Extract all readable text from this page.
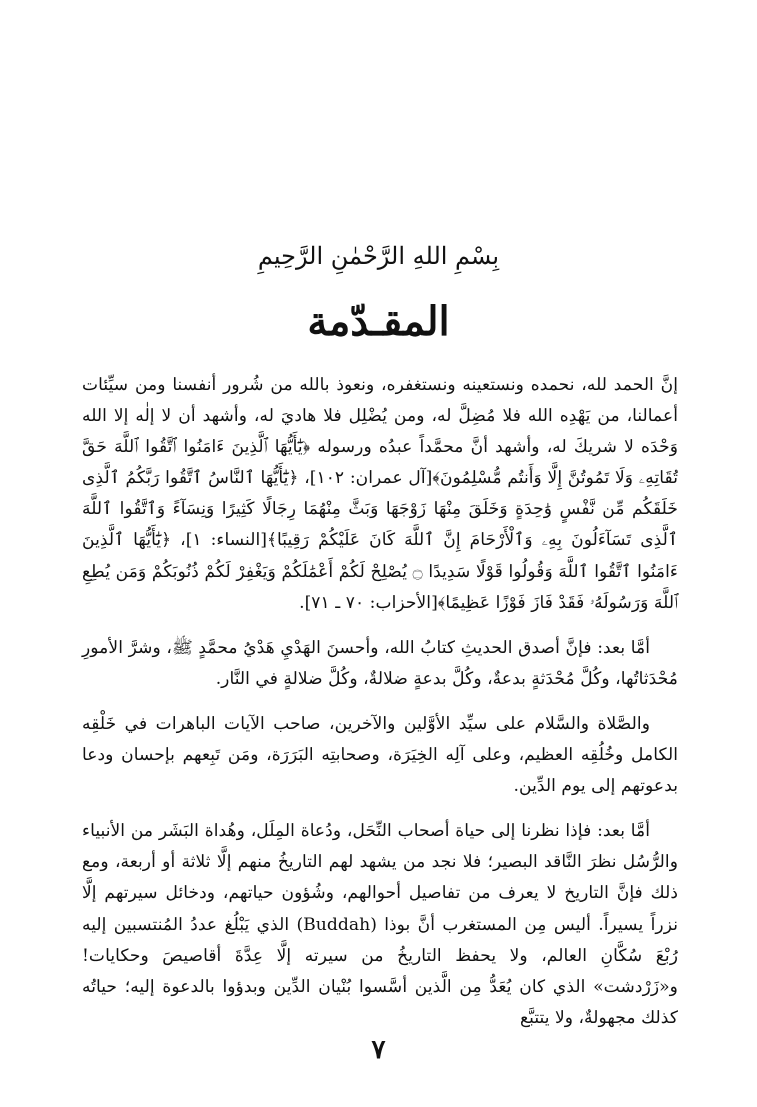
بِسْمِ اللهِ الرَّحْمٰنِ الرَّحِيمِ
المقـدّمة

إنَّ الحمد لله، نحمده ونستعينه ونستغفره، ونعوذ بالله من شُرور أنفسنا ومن سيِّئات أعمالنا، من يَهْدِه الله فلا مُضِلَّ له، ومن يُضْلِل فلا هاديَ له، وأشهد أن لا إلٰه إلا الله وَحْدَه لا شريكَ له، وأشهد أنَّ محمَّداً عبدُه ورسوله ﴿يَٰٓأَيُّهَا ٱلَّذِينَ ءَامَنُوا ٱتَّقُوا ٱللَّهَ حَقَّ تُقَاتِهِۦ وَلَا تَمُوتُنَّ إِلَّا وَأَنتُم مُّسْلِمُونَ﴾[آل عمران: ١٠٢]، ﴿يَٰٓأَيُّهَا ٱلنَّاسُ ٱتَّقُوا رَبَّكُمُ ٱلَّذِى خَلَقَكُم مِّن نَّفْسٍ وَٰحِدَةٍ وَخَلَقَ مِنْهَا زَوْجَهَا وَبَثَّ مِنْهُمَا رِجَالًا كَثِيرًا وَنِسَآءً وَٱتَّقُوا ٱللَّهَ ٱلَّذِى تَسَآءَلُونَ بِهِۦ وَٱلْأَرْحَامَ إِنَّ ٱللَّهَ كَانَ عَلَيْكُمْ رَقِيبًا﴾[النساء: ١]، ﴿يَٰٓأَيُّهَا ٱلَّذِينَ ءَامَنُوا ٱتَّقُوا ٱللَّهَ وَقُولُوا قَوْلًا سَدِيدًا ۝ يُصْلِحْ لَكُمْ أَعْمَٰلَكُمْ وَيَغْفِرْ لَكُمْ ذُنُوبَكُمْ وَمَن يُطِعِ ٱللَّهَ وَرَسُولَهُۥ فَقَدْ فَازَ فَوْزًا عَظِيمًا﴾[الأحزاب: ٧٠ ـ ٧١].

أمَّا بعد: فإنَّ أصدق الحديثِ كتابُ الله، وأحسنَ الهَدْيِ هَدْيُ محمَّدٍ ﷺ، وشرَّ الأمورِ مُحْدَثاتُها، وكُلَّ مُحْدَثةٍ بدعةٌ، وكُلَّ بدعةٍ ضلالةٌ، وكُلَّ ضلالةٍ في النَّار.

والصَّلاة والسَّلام على سيِّد الأوَّلين والآخرين، صاحب الآيات الباهرات في خَلْقِه الكامل وخُلُقِه العظيم، وعلى آلِه الخِيَرَة، وصحابتِه البَرَرَة، ومَن تَبِعهم بإحسان ودعا بدعوتهم إلى يوم الدِّين.

أمَّا بعد: فإذا نظرنا إلى حياة أصحاب النِّحَل، ودُعاة المِلَل، وهُداة البَشَر من الأنبياء والرُّسُل نظرَ النَّاقد البصير؛ فلا نجد من يشهد لهم التاريخُ منهم إلَّا ثلاثة أو أربعة، ومع ذلك فإنَّ التاريخ لا يعرف من تفاصيل أحوالهم، وشُؤون حياتهم، ودخائل سيرتهم إلَّا نزراً يسيراً. أليس مِن المستغرب أنَّ بوذا (Buddah) الذي يَبْلُغ عددُ المُنتسبين إليه رُبْعَ سُكَّانِ العالم، ولا يحفظ التاريخُ من سيرته إلَّا عِدَّةَ أقاصيصَ وحكايات! و«زَرْدشت» الذي كان يُعَدُّ مِن الَّذين أسَّسوا بُنْيان الدِّين وبدؤوا بالدعوة إليه؛ حياتُه كذلك مجهولةٌ، ولا يتتبَّع

٧
